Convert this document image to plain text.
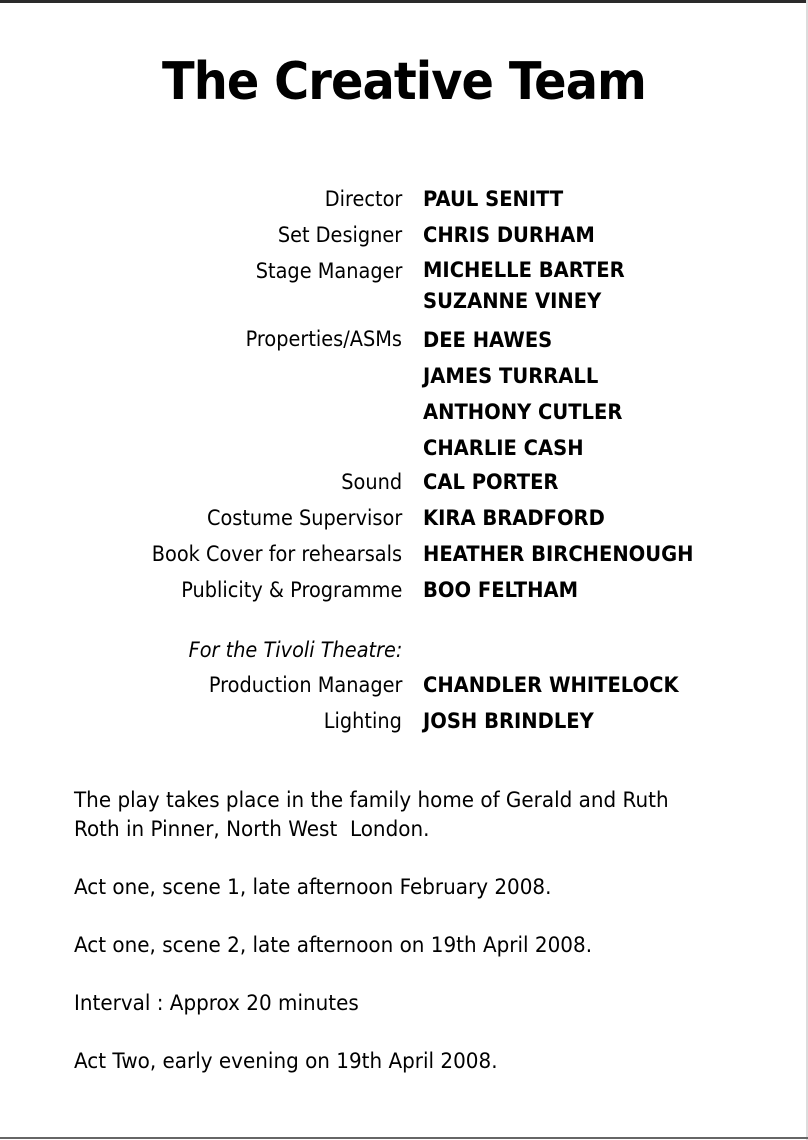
The Creative Team
Director PAUL SENITT
Set Designer CHRIS DURHAM
Stage Manager MICHELLE BARTER
SUZANNE VINEY
Properties/ASMs DEE HAWES
JAMES TURRALL
ANTHONY CUTLER
CHARLIE CASH
Sound CAL PORTER
Costume Supervisor KIRA BRADFORD
Book Cover for rehearsals HEATHER BIRCHENOUGH
Publicity & Programme BOO FELTHAM
For the Tivoli Theatre:
Production Manager CHANDLER WHITELOCK
Lighting JOSH BRINDLEY

The play takes place in the family home of Gerald and Ruth

Roth in Pinner, North West  London.

Act one, scene 1, late afternoon February 2008.

Act one, scene 2, late afternoon on 19th April 2008.

Interval : Approx 20 minutes

Act Two, early evening on 19th April 2008.
